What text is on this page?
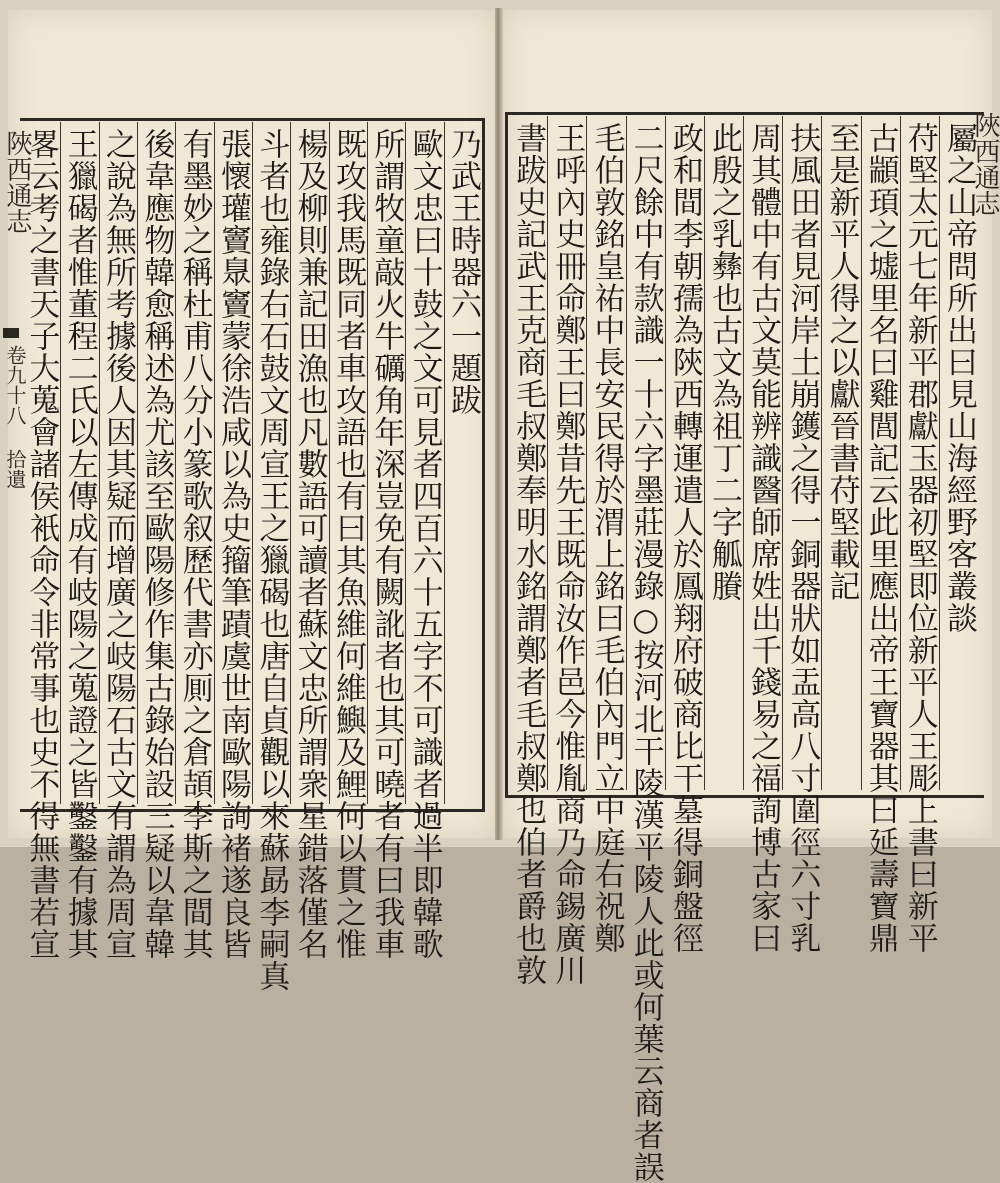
陜西通志
卷九十八 拾遺
陜西通志
乃武王時器六一題跋
歐文忠曰十鼓之文可見者四百六十五字不可識者過半即韓歌
所謂牧童敲火牛礪角年深豈免有闕訛者也其可曉者有曰我車
既攻我馬既同者車攻語也有曰其魚維何維鱮及鯉何以貫之惟
楊及柳則兼記田漁也凡數語可讀者蘇文忠所謂衆星錯落僅名
斗者也雍錄右石鼓文周宣王之獵碣也唐自貞觀以來蘇勗李嗣真
張懷瓘竇臮竇蒙徐浩咸以為史籀筆蹟虞世南歐陽詢褚遂良皆
有墨妙之稱杜甫八分小篆歌叙歷代書亦厠之倉頡李斯之間其
後韋應物韓愈稱述為尤該至歐陽修作集古錄始設三疑以韋韓
之說為無所考據後人因其疑而增廣之岐陽石古文有謂為周宣
王獵碣者惟董程二氏以左傳成有岐陽之蒐證之皆鑿鑿有據其
畧云考之書天子大蒐會諸侯衹命令非常事也史不得無書若宣	屬之山帝問所出曰見山海經野客叢談
苻堅太元七年新平郡獻玉器初堅即位新平人王彫上書曰新平
古顓頊之墟里名曰雞閭記云此里應出帝王寶器其曰延壽寶鼎
至是新平人得之以獻晉書苻堅載記
扶風田者見河岸土崩鑊之得一銅器狀如盂高八寸圍徑六寸乳
周其體中有古文莫能辨識醫師席姓出千錢易之福詢博古家曰
此殷之乳彝也古文為祖丁二字觚賸
政和間李朝孺為陝西轉運遣人於鳳翔府破商比干墓得銅盤徑
二尺餘中有款識一十六字墨莊漫錄○按河北干陵漢平陵人此或何葉云商者誤
毛伯敦銘皇祐中長安民得於渭上銘曰毛伯內門立中庭右祝鄭
王呼內史冊命鄭王曰鄭昔先王既命汝作邑今惟胤商乃命錫廣川
書跋史記武王克商毛叔鄭奉明水銘謂鄭者毛叔鄭也伯者爵也敦
